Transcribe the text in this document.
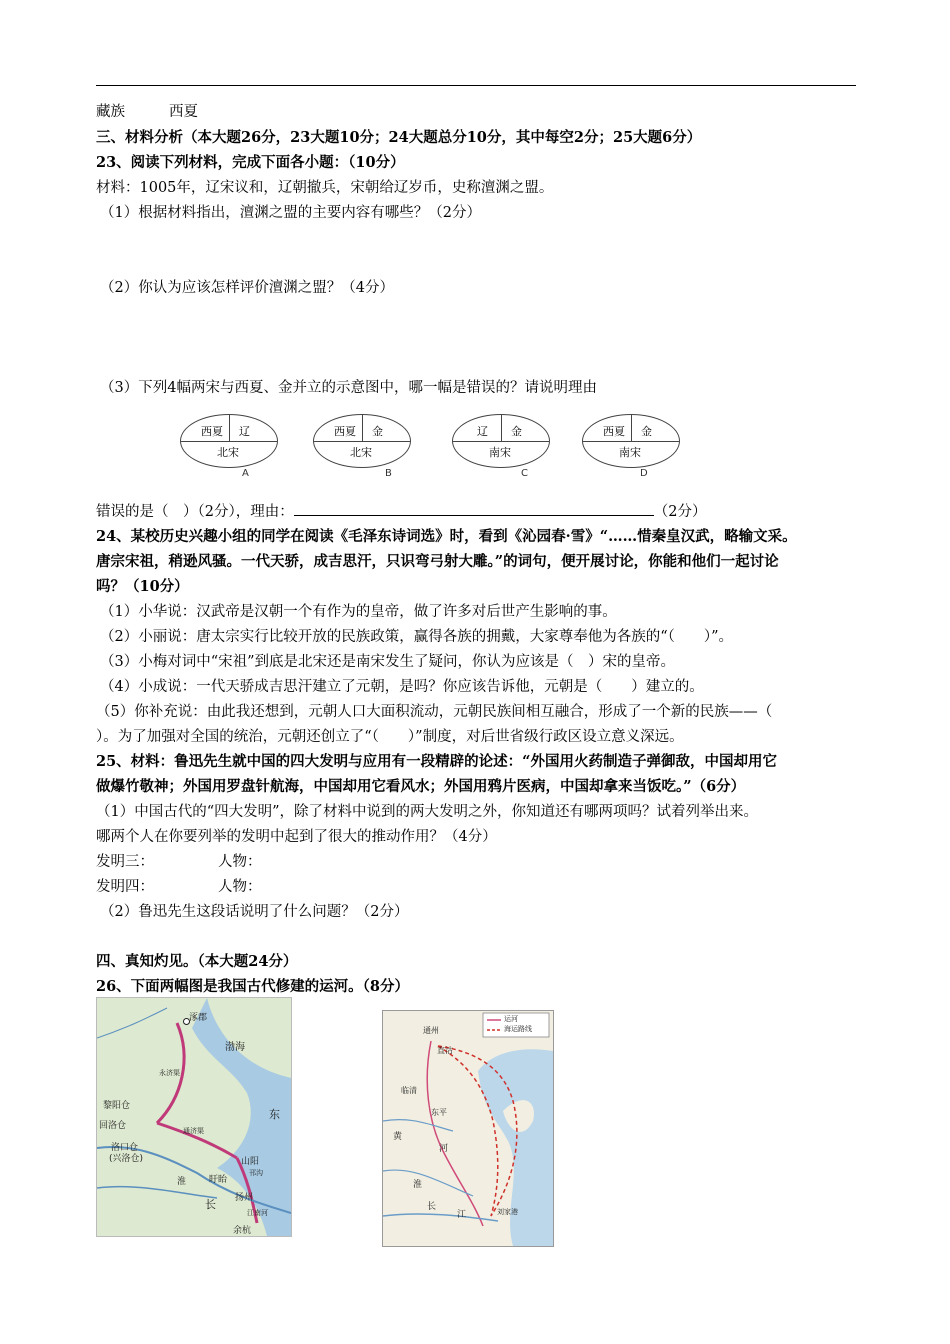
藏族	西夏
三、材料分析（本大题26分，23大题10分；24大题总分10分，其中每空2分；25大题6分）
23、阅读下列材料，完成下面各小题：（10分）
材料：1005年，辽宋议和，辽朝撤兵，宋朝给辽岁币，史称澶渊之盟。
（1）根据材料指出，澶渊之盟的主要内容有哪些？（2分）
（2）你认为应该怎样评价澶渊之盟？（4分）
（3）下列4幅两宋与西夏、金并立的示意图中，哪一幅是错误的？请说明理由
西夏 辽
北宋
A
西夏 金
北宋
B
辽 金
南宋
C
西夏 金
南宋
D
错误的是（　）（2分），理由：	（2分）
24、某校历史兴趣小组的同学在阅读《毛泽东诗词选》时，看到《沁园春·雪》“……惜秦皇汉武，略输文采。
唐宗宋祖，稍逊风骚。一代天骄，成吉思汗，只识弯弓射大雕。”的词句，便开展讨论，你能和他们一起讨论
吗？（10分）
（1）小华说：汉武帝是汉朝一个有作为的皇帝，做了许多对后世产生影响的事。
（2）小丽说：唐太宗实行比较开放的民族政策，赢得各族的拥戴，大家尊奉他为各族的“（　　）”。
（3）小梅对词中“宋祖”到底是北宋还是南宋发生了疑问，你认为应该是（　）宋的皇帝。
（4）小成说：一代天骄成吉思汗建立了元朝，是吗？你应该告诉他，元朝是（　　）建立的。
（5）你补充说：由此我还想到，元朝人口大面积流动，元朝民族间相互融合，形成了一个新的民族——（
）。为了加强对全国的统治，元朝还创立了“（　　）”制度，对后世省级行政区设立意义深远。
25、材料：鲁迅先生就中国的四大发明与应用有一段精辟的论述：“外国用火药制造子弹御敌，中国却用它
做爆竹敬神；外国用罗盘针航海，中国却用它看风水；外国用鸦片医病，中国却拿来当饭吃。”（6分）
（1）中国古代的“四大发明”，除了材料中说到的两大发明之外，你知道还有哪两项吗？试着列举出来。
哪两个人在你要列举的发明中起到了很大的推动作用？（4分）
发明三：	人物：
发明四：	人物：
（2）鲁迅先生这段话说明了什么问题？（2分）
四、真知灼见。（本大题24分）
26、下面两幅图是我国古代修建的运河。（8分）
涿郡
渤海
黎阳仓
回洛仓
洛口仓
(兴洛仓)	山阳
盱眙
扬州
余杭
淮
长
东
永济渠
通济渠
邗沟
江南河
运河
海运路线
通州
直沽
临清
东平
黄
河
淮
长
江	刘家港
